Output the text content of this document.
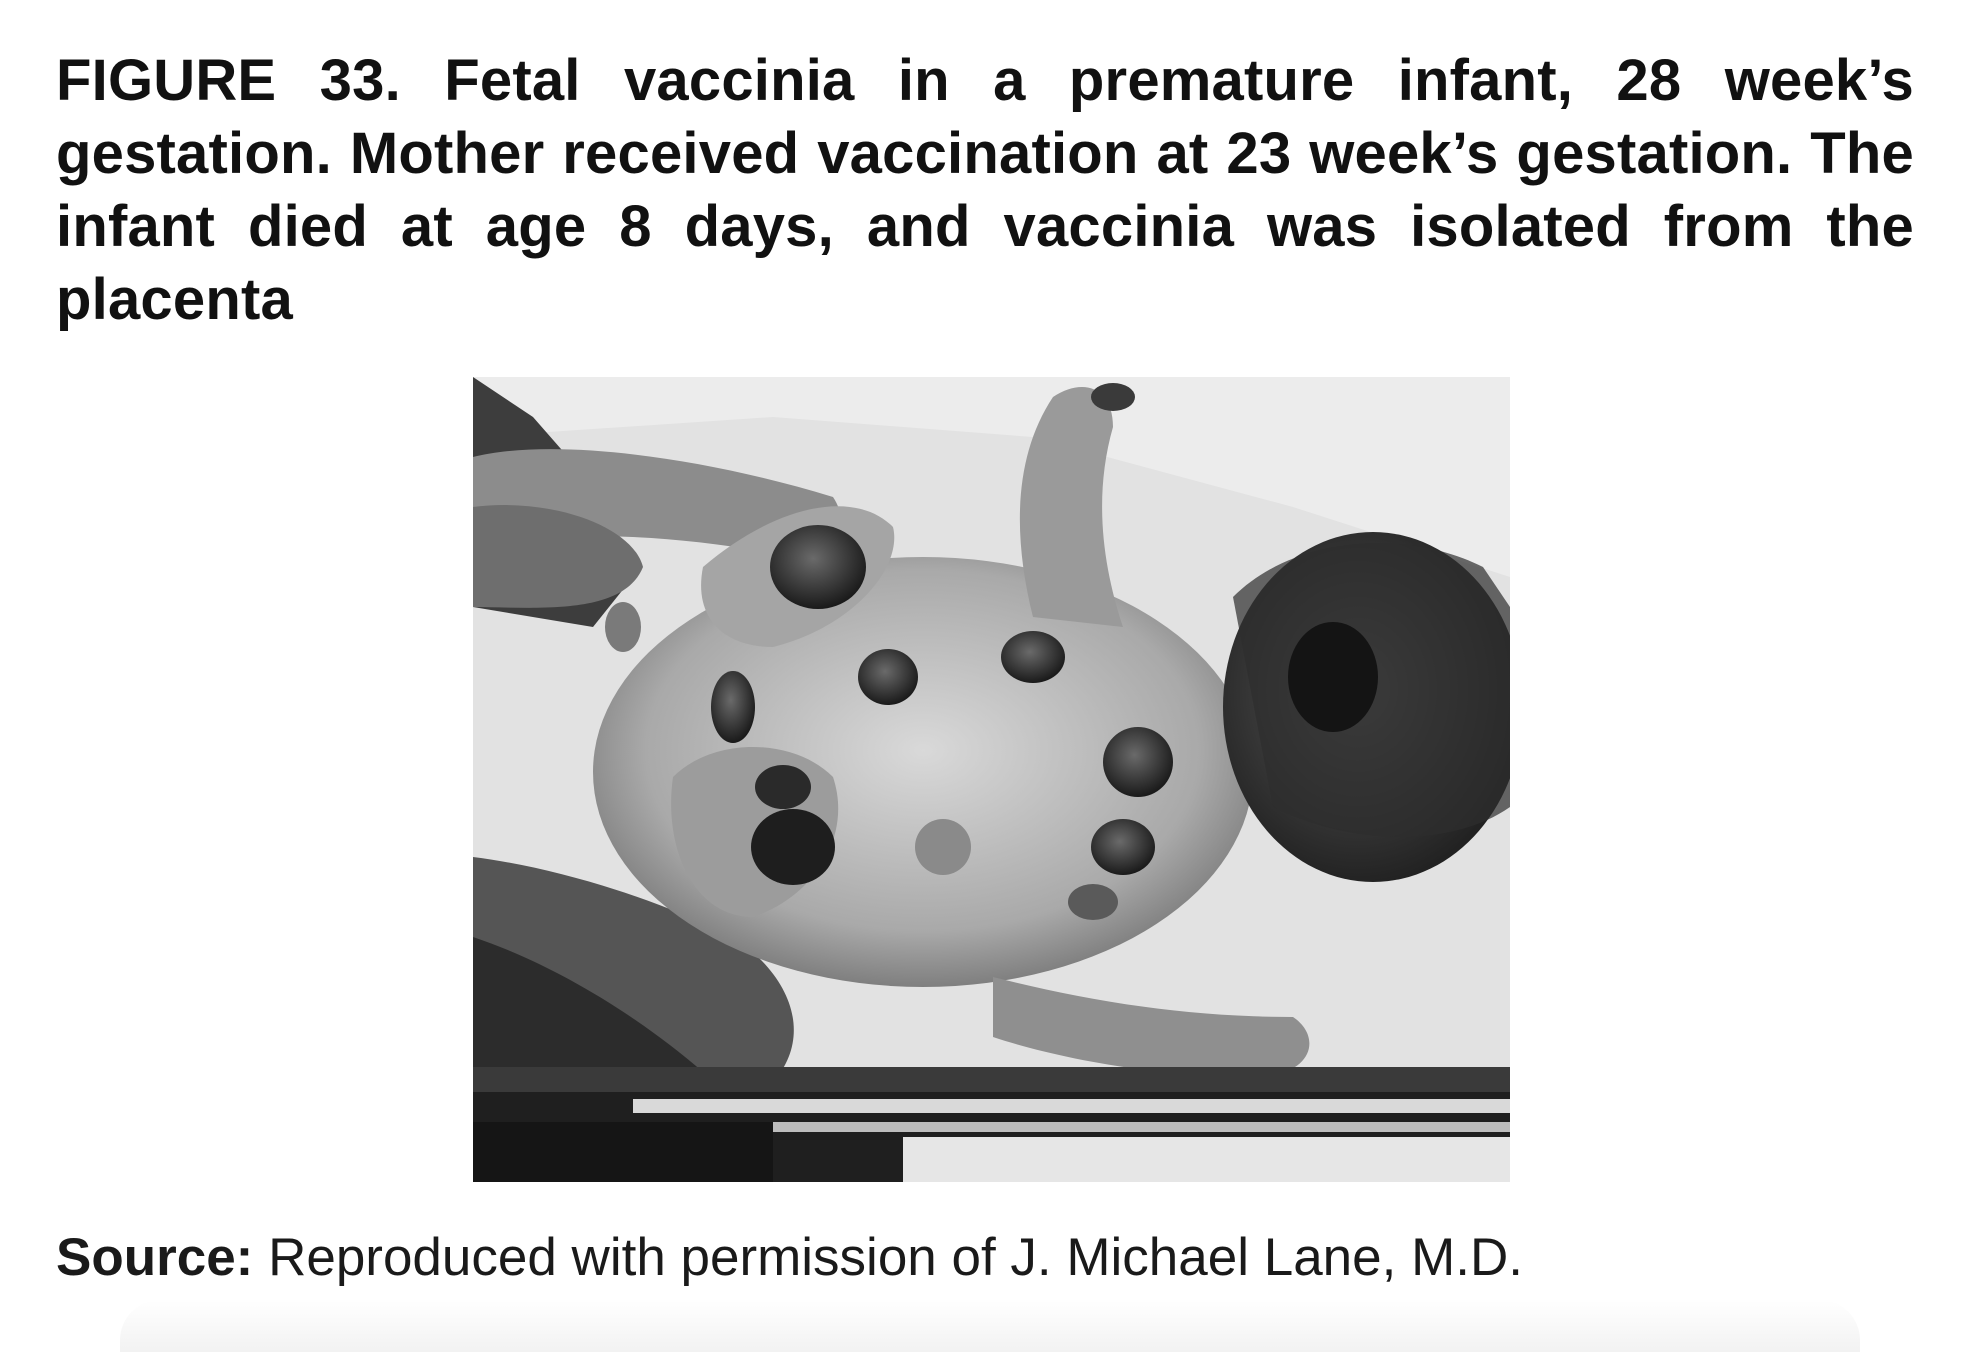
FIGURE 33. Fetal vaccinia in a premature infant, 28 week’s gestation. Mother received vaccination at 23 week’s gestation. The infant died at age 8 days, and vaccinia was isolated from the placenta
Source: Reproduced with permission of J. Michael Lane, M.D.
